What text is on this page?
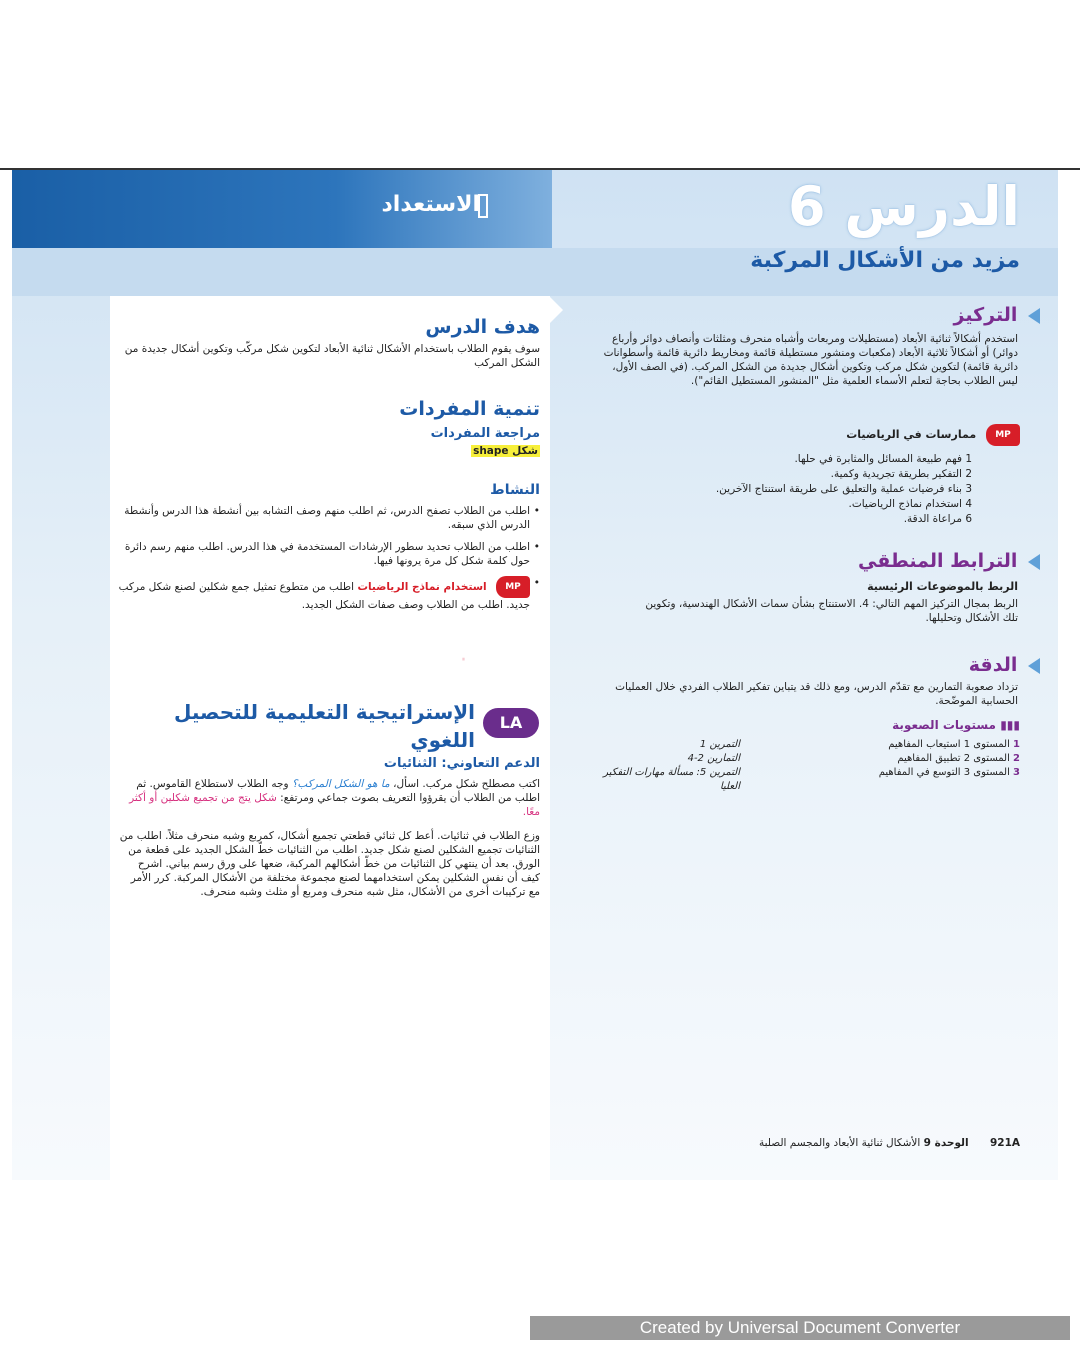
الاستعداد	الدرس 6
مزيد من الأشكال المركبة
التركيز
استخدم أشكالاً ثنائية الأبعاد (مستطيلات ومربعات وأشباه منحرف ومثلثات وأنصاف دوائر وأرباع دوائر) أو أشكالاً ثلاثية الأبعاد (مكعبات ومنشور مستطيلة قائمة ومخاريط دائرية قائمة وأسطوانات دائرية قائمة) لتكوين شكل مركب وتكوين أشكال جديدة من الشكل المركب. (في الصف الأول، ليس الطلاب بحاجة لتعلم الأسماء العلمية مثل "المنشور المستطيل القائم").
MP ممارسات في الرياضيات
1 فهم طبيعة المسائل والمثابرة في حلها.
2 التفكير بطريقة تجريدية وكمية.
3 بناء فرضيات عملية والتعليق على طريقة استنتاج الآخرين.
4 استخدام نماذج الرياضيات.
6 مراعاة الدقة.
الترابط المنطقي
الربط بالموضوعات الرئيسية
الربط بمجال التركيز المهم التالي: 4. الاستنتاج بشأن سمات الأشكال الهندسية، وتكوين تلك الأشكال وتحليلها.
الدقة
تزداد صعوبة التمارين مع تقدّم الدرس، ومع ذلك قد يتباين تفكير الطلاب الفردي خلال العمليات الحسابية الموضّحة.
▮▮▮ مستويات الصعوبة
1 المستوى 1 استيعاب المفاهيم
التمرين 1
2 المستوى 2 تطبيق المفاهيم
التمارين 2-4
3 المستوى 3 التوسع في المفاهيم
التمرين 5: مسألة مهارات التفكير العليا
هدف الدرس
سوف يقوم الطلاب باستخدام الأشكال ثنائية الأبعاد لتكوين شكل مركّب وتكوين أشكال جديدة من الشكل المركب
تنمية المفردات
مراجعة المفردات
شكل shape
النشاط
• اطلب من الطلاب تصفح الدرس، ثم اطلب منهم وصف التشابه بين أنشطة هذا الدرس وأنشطة الدرس الذي سبقه.
• اطلب من الطلاب تحديد سطور الإرشادات المستخدمة في هذا الدرس. اطلب منهم رسم دائرة حول كلمة شكل كل مرة يرونها فيها.
• MP استخدام نماذج الرياضيات اطلب من متطوع تمثيل جمع شكلين لصنع شكل مركب جديد. اطلب من الطلاب وصف صفات الشكل الجديد.
·
LA
الإستراتيجية التعليمية للتحصيل اللغوي
الدعم التعاوني: الثنائيات
اكتب مصطلح شكل مركب. اسأل، ما هو الشكل المركب؟ وجه الطلاب لاستطلاع القاموس. ثم اطلب من الطلاب أن يقرؤوا التعريف بصوت جماعي ومرتفع: شكل يتج من تجميع شكلين أو أكثر معًا.
وزع الطلاب في ثنائيات. أعط كل ثنائي قطعتي تجميع أشكال، كمربع وشبه منحرف مثلاً. اطلب من الثنائيات تجميع الشكلين لصنع شكل جديد. اطلب من الثنائيات خطّ الشكل الجديد على قطعة من الورق. بعد أن ينتهي كل الثنائيات من خطّ أشكالهم المركبة، ضعها على ورق رسم بياني. اشرح كيف أن نفس الشكلين يمكن استخدامهما لصنع مجموعة مختلفة من الأشكال المركبة. كرر الأمر مع تركيبات أخرى من الأشكال، مثل شبه منحرف ومربع أو مثلث وشبه منحرف.
921A الوحدة 9 الأشكال ثنائية الأبعاد والمجسم الصلبة
Created by Universal Document Converter
